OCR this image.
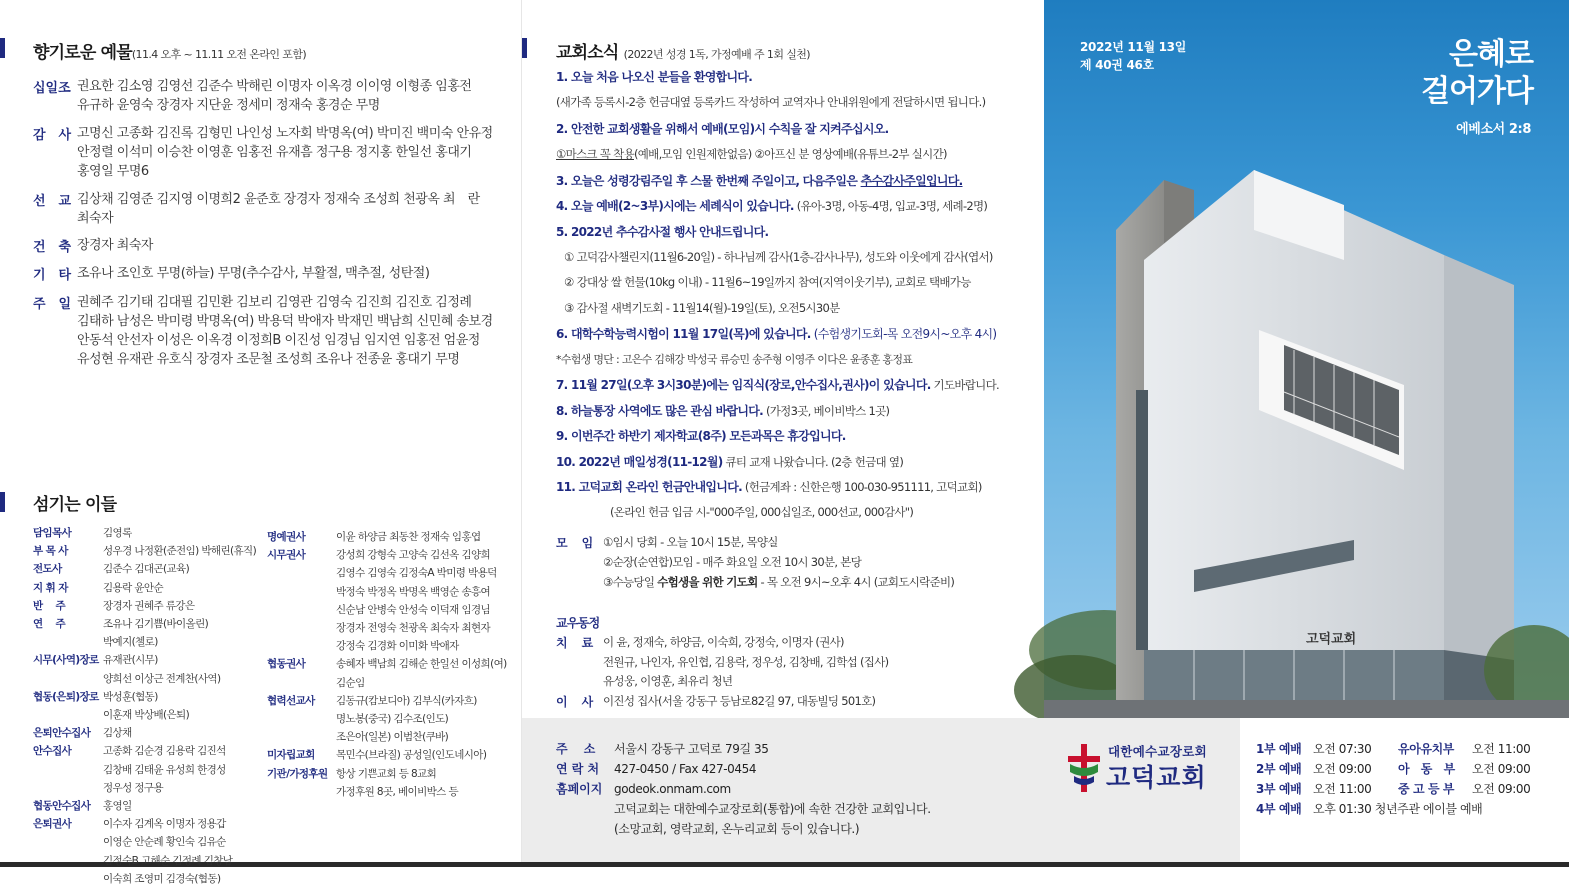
고덕교회
향기로운 예물(11.4 오후 ~ 11.11 오전 온라인 포함)
십일조 권요한 김소영 김영선 김준수 박해린 이명자 이옥경 이이영 이형종 임홍전
유규하 윤영숙 장경자 지단윤 정세미 정재숙 홍경순 무명
감　사 고명신 고종화 김진록 김형민 나인성 노자회 박명옥(여) 박미진 백미숙 안유정
안정렬 이석미 이승찬 이영훈 임홍전 유재흠 정구용 정지홍 한일선 홍대기
홍영일 무명6
선　교 김상채 김영준 김지영 이명희2 윤준호 장경자 정재숙 조성희 천광옥 최　란
최숙자
건　축 장경자 최숙자
기　타 조유나 조인호 무명(하늘) 무명(추수감사, 부활절, 맥추절, 성탄절)
주　일 권혜주 김기태 김대필 김민환 김보리 김영관 김영숙 김진희 김진호 김정례
김태하 남성은 박미령 박명옥(여) 박용덕 박애자 박재민 백남희 신민혜 송보경
안동석 안선자 이성은 이옥경 이정희B 이진성 임경님 임지연 임홍전 엄윤정
유성현 유재관 유호식 장경자 조문철 조성희 조유나 전종윤 홍대기 무명
섬기는 이들
담임목사	김영록
부 목 사	성우경 나정환(준전임) 박해린(휴직)
전도사	김준수 김대곤(교육)
지 휘 자	김용락 윤안순
반　 주	장경자 권혜주 류강은
연　 주	조유나 김기쁨(바이올린)
박예지(첼로)
시무(사역)장로 유재관(시무)
양희선 이상근 전계찬(사역)
협동(은퇴)장로 박성훈(협동)
이훈재 박상배(은퇴)
은퇴안수집사	김상채
안수집사	고종화 김순경 김용락 김진석
김창배 김태윤 유성희 한경성
정우성 정구용
협동안수집사	홍영일
은퇴권사	이수자 김계옥 이명자 정용갑
이영순 안순례 황인숙 김유순
김정숙B 고해순 김정례 김창남
이숙희 조영미 김경숙(협동)
명예권사	이윤 하양금 최동찬 정재숙 임홍엽
시무권사	강성희 강형숙 고양숙 김선옥 김양희
김영수 김영숙 김정숙A 박미령 박용덕
박정숙 박정옥 박명옥 백영순 송흥여
신순남 안병숙 안성숙 이덕재 임경님
장경자 전영숙 천광옥 최숙자 최현자
강정숙 김경화 이미화 박애자
협동권사	송혜자 백남희 김해순 한일선 이성희(여)
김순임
협력선교사	김동규(캄보디아) 김부식(카자흐)
명노봉(중국) 김수조(인도)
조은아(일본) 이범찬(쿠바)
미자립교회	목민수(브라질) 공성일(인도네시아)
기관/가정후원 항상 기쁜교회 등 8교회
가정후원 8곳, 베이비박스 등
교회소식 (2022년 성경 1독, 가정예배 주 1회 실천)
1. 오늘 처음 나오신 분들을 환영합니다.
(새가족 등록시-2층 헌금대옆 등록카드 작성하여 교역자나 안내위원에게 전달하시면 됩니다.)
2. 안전한 교회생활을 위해서 예배(모임)시 수칙을 잘 지켜주십시오.
①마스크 꼭 착용(예배,모임 인원제한없음) ②아프신 분 영상예배(유튜브-2부 실시간)
3. 오늘은 성령강림주일 후 스물 한번째 주일이고, 다음주일은 추수감사주일입니다.
4. 오늘 예배(2~3부)시에는 세례식이 있습니다. (유아-3명, 아동-4명, 입교-3명, 세례-2명)
5. 2022년 추수감사절 행사 안내드립니다.
① 고덕감사챌린지(11월6-20일) - 하나님께 감사(1층-감사나무), 성도와 이웃에게 감사(엽서)
② 강대상 쌀 헌물(10kg 이내) - 11월6~19일까지 참여(지역이웃기부), 교회로 택배가능
③ 감사절 새벽기도회 - 11월14(월)-19일(토), 오전5시30분
6. 대학수학능력시험이 11월 17일(목)에 있습니다. (수험생기도회-목 오전9시~오후 4시)
*수험생 명단 : 고은수 김해강 박성국 류승민 송주형 이영주 이다은 윤종훈 홍정표
7. 11월 27일(오후 3시30분)에는 임직식(장로,안수집사,권사)이 있습니다. 기도바랍니다.
8. 하늘통장 사역에도 많은 관심 바랍니다. (가정3곳, 베이비박스 1곳)
9. 이번주간 하반기 제자학교(8주) 모든과목은 휴강입니다.
10. 2022년 매일성경(11-12월) 큐티 교재 나왔습니다. (2층 헌금대 옆)
11. 고덕교회 온라인 헌금안내입니다. (헌금계좌 : 신한은행 100-030-951111, 고덕교회)
(온라인 헌금 입금 시-"000주일, 000십일조, 000선교, 000감사")
모　 임 ①임시 당회 - 오늘 10시 15분, 목양실
②순장(순연합)모임 - 매주 화요일 오전 10시 30분, 본당
③수능당일 수험생을 위한 기도회 - 목 오전 9시~오후 4시 (교회도시락준비)
교우동정
치　 료 이 윤, 정재숙, 하양금, 이숙희, 강정숙, 이명자 (권사)
전원규, 나인자, 유인협, 김용락, 정우성, 김창배, 김학섭 (집사)
유성웅, 이영훈, 최유리 청년
이　 사 이진성 집사(서울 강동구 등남로82길 97, 대동빌딩 501호)
2022년 11월 13일
제 40권 46호	은혜로
걸어가다
에베소서 2:8
주　 소	서울시 강동구 고덕로 79길 35
연 락 처	427-0450 / Fax 427-0454
홈페이지 godeok.onmam.com
고덕교회는 대한예수교장로회(통합)에 속한 건강한 교회입니다.
(소망교회, 영락교회, 온누리교회 등이 있습니다.)
대한예수교장로회
고덕교회
1부 예배 오전 07:30
2부 예배 오전 09:00
3부 예배 오전 11:00
4부 예배 오후 01:30 청년주관 에이블 예배
유아유치부	오전 11:00
아　동　부	오전 09:00
중 고 등 부	오전 09:00
